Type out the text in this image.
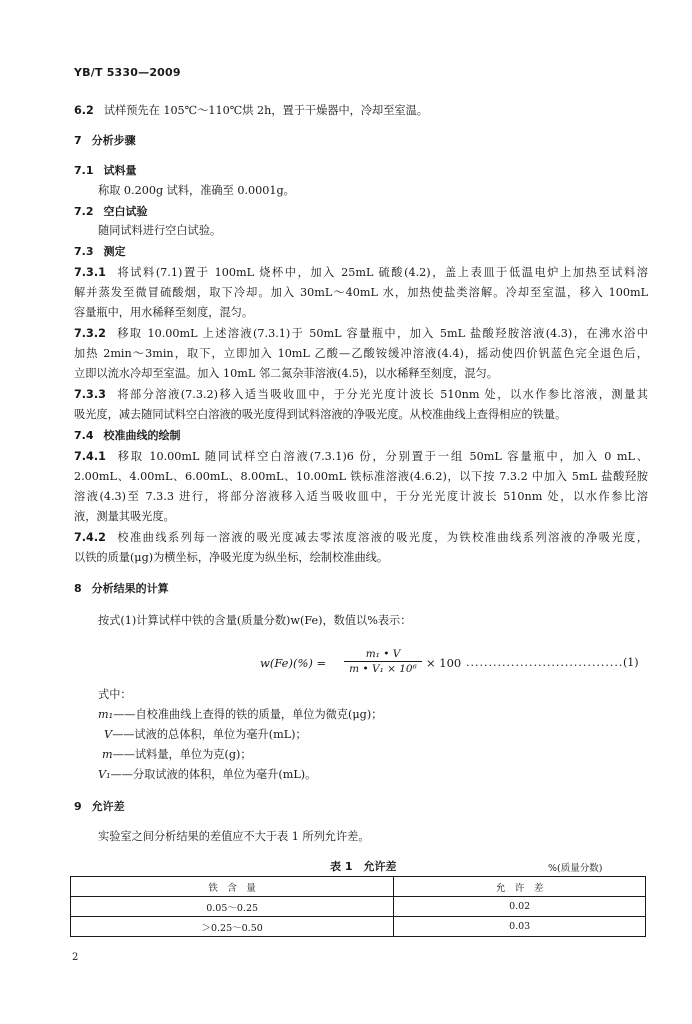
YB/T 5330—2009
6.2 试样预先在 105℃～110℃烘 2h，置于干燥器中，冷却至室温。
7 分析步骤
7.1 试料量
称取 0.200g 试料，准确至 0.0001g。
7.2 空白试验
随同试料进行空白试验。
7.3 测定
7.3.1 将试料(7.1)置于 100mL 烧杯中，加入 25mL 硫酸(4.2)，盖上表皿于低温电炉上加热至试料溶
解并蒸发至微冒硫酸烟，取下冷却。加入 30mL～40mL 水，加热使盐类溶解。冷却至室温，移入 100mL
容量瓶中，用水稀释至刻度，混匀。
7.3.2 移取 10.00mL 上述溶液(7.3.1)于 50mL 容量瓶中，加入 5mL 盐酸羟胺溶液(4.3)，在沸水浴中
加热 2min～3min，取下，立即加入 10mL 乙酸—乙酸铵缓冲溶液(4.4)，摇动使四价钒蓝色完全退色后，
立即以流水冷却至室温。加入 10mL 邻二氮杂菲溶液(4.5)，以水稀释至刻度，混匀。
7.3.3 将部分溶液(7.3.2)移入适当吸收皿中，于分光光度计波长 510nm 处，以水作参比溶液，测量其
吸光度，减去随同试料空白溶液的吸光度得到试料溶液的净吸光度。从校准曲线上查得相应的铁量。
7.4 校准曲线的绘制
7.4.1 移取 10.00mL 随同试样空白溶液(7.3.1)6 份，分别置于一组 50mL 容量瓶中，加入 0 mL、
2.00mL、4.00mL、6.00mL、8.00mL、10.00mL 铁标准溶液(4.6.2)，以下按 7.3.2 中加入 5mL 盐酸羟胺
溶液(4.3)至 7.3.3 进行，将部分溶液移入适当吸收皿中，于分光光度计波长 510nm 处，以水作参比溶
液，测量其吸光度。
7.4.2 校准曲线系列每一溶液的吸光度减去零浓度溶液的吸光度，为铁校准曲线系列溶液的净吸光度，
以铁的质量(μg)为横坐标，净吸光度为纵坐标，绘制校准曲线。
8 分析结果的计算
按式(1)计算试样中铁的含量(质量分数)w(Fe)，数值以%表示：
$w(Fe)(\%) = \frac{\text{m₁ • V}}{\text{m • V₁ × 10⁶}} \times 100$ ................................... (1)
式中：
m₁——自校准曲线上查得的铁的质量，单位为微克(μg)；
V——试液的总体积，单位为毫升(mL)；
m——试料量，单位为克(g)；
V₁——分取试液的体积，单位为毫升(mL)。
9 允许差
实验室之间分析结果的差值应不大于表 1 所列允许差。
表 1　允许差	%(质量分数)
铁　含　量	允　许　差
0.05～0.25	0.02
＞0.25～0.50	0.03
2
